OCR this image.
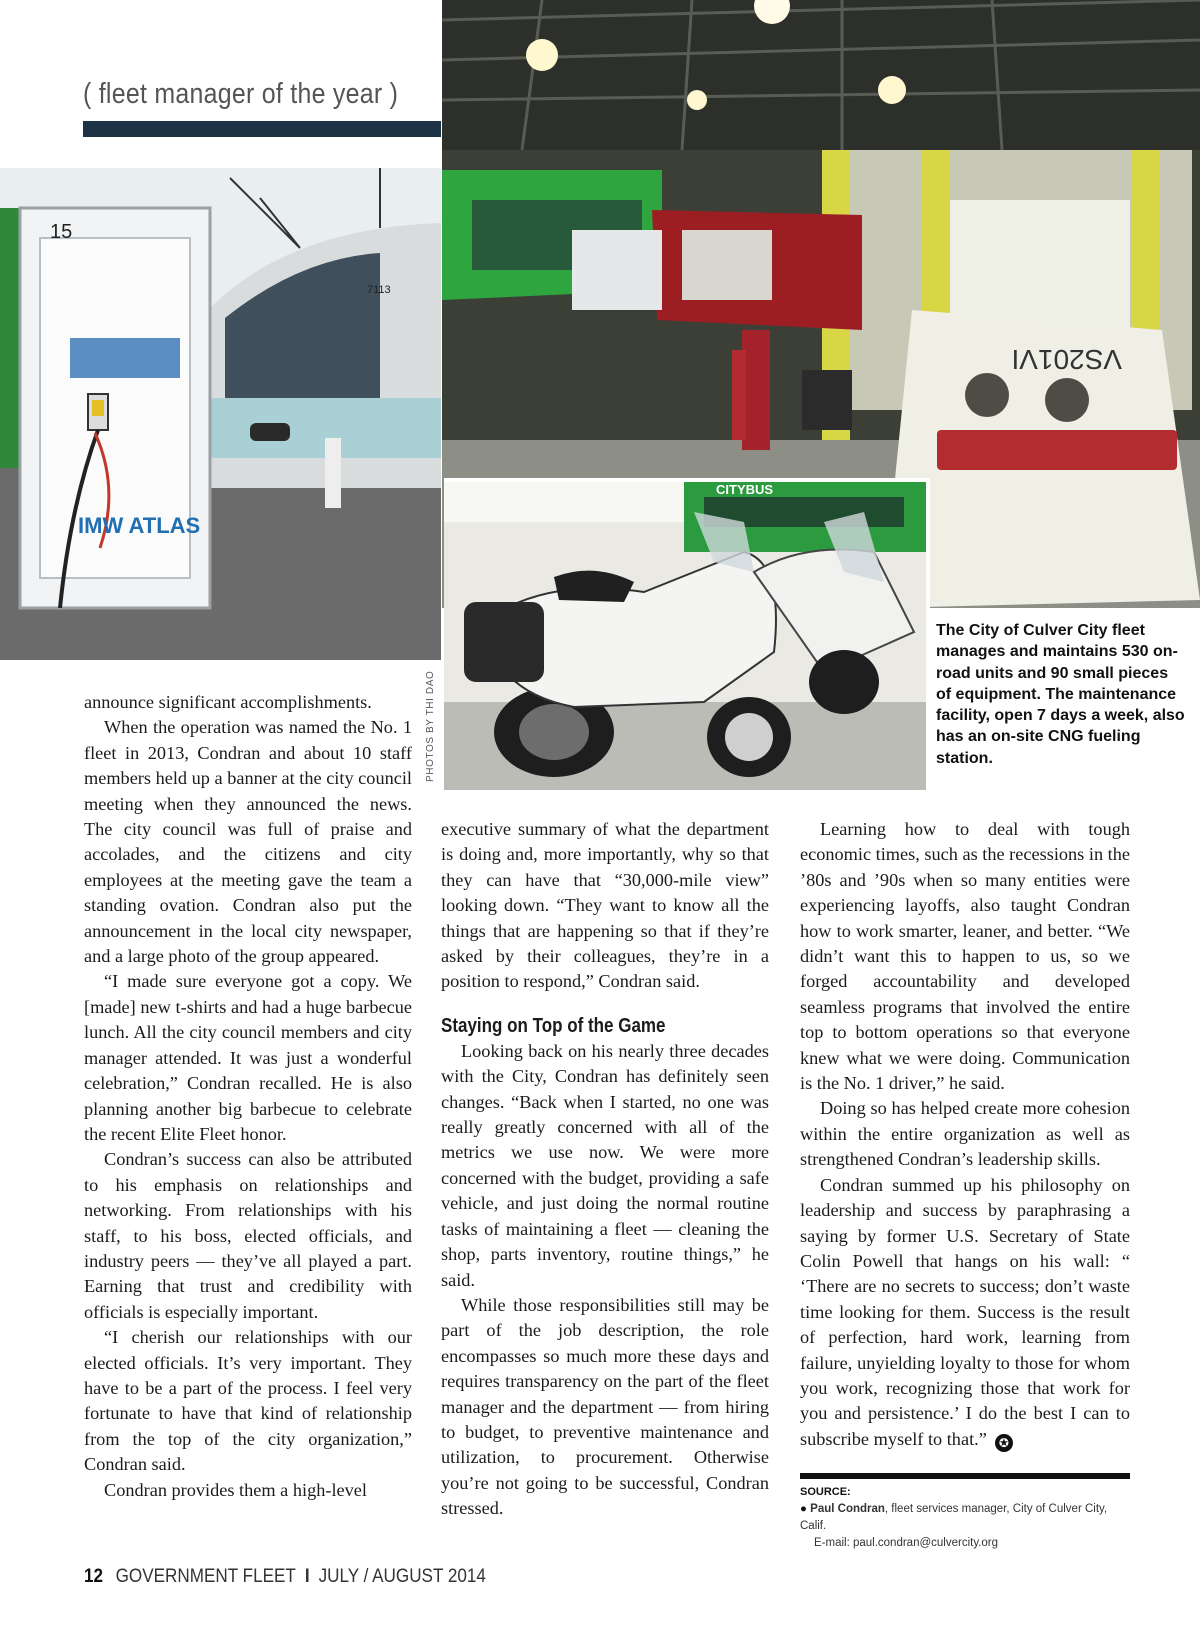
( fleet manager of the year )
15
7113
IMW ATLAS
VS201VI
CITYBUS
PHOTOS BY THI DAO
The City of Culver City fleet manages and maintains 530 on-road units and 90 small pieces of equipment. The maintenance facility, open 7 days a week, also has an on-site CNG fueling station.

announce significant accomplishments.

When the operation was named the No. 1 fleet in 2013, Condran and about 10 staff members held up a banner at the city council meeting when they announced the news. The city council was full of praise and accolades, and the citizens and city employees at the meeting gave the team a standing ovation. Condran also put the announcement in the local city newspaper, and a large photo of the group appeared.

“I made sure everyone got a copy. We [made] new t-shirts and had a huge barbecue lunch. All the city council members and city manager attended. It was just a wonderful celebration,” Condran recalled. He is also planning another big barbecue to celebrate the recent Elite Fleet honor.

Condran’s success can also be attributed to his emphasis on relationships and networking. From relationships with his staff, to his boss, elected officials, and industry peers — they’ve all played a part. Earning that trust and credibility with officials is especially important.

“I cherish our relationships with our elected officials. It’s very important. They have to be a part of the process. I feel very fortunate to have that kind of relationship from the top of the city organization,” Condran said.

Condran provides them a high-level

executive summary of what the department is doing and, more importantly, why so that they can have that “30,000-mile view” looking down. “They want to know all the things that are happening so that if they’re asked by their colleagues, they’re in a position to respond,” Condran said.

Staying on Top of the Game

Looking back on his nearly three decades with the City, Condran has definitely seen changes. “Back when I started, no one was really greatly concerned with all of the metrics we use now. We were more concerned with the budget, providing a safe vehicle, and just doing the normal routine tasks of maintaining a fleet — cleaning the shop, parts inventory, routine things,” he said.

While those responsibilities still may be part of the job description, the role encompasses so much more these days and requires transparency on the part of the fleet manager and the department — from hiring to budget, to preventive maintenance and utilization, to procurement. Otherwise you’re not going to be successful, Condran stressed.

Learning how to deal with tough economic times, such as the recessions in the ’80s and ’90s when so many entities were experiencing layoffs, also taught Condran how to work smarter, leaner, and better. “We didn’t want this to happen to us, so we forged accountability and developed seamless programs that involved the entire top to bottom operations so that everyone knew what we were doing. Communication is the No. 1 driver,” he said.

Doing so has helped create more cohesion within the entire organization as well as strengthened Condran’s leadership skills.

Condran summed up his philosophy on leadership and success by paraphrasing a saying by former U.S. Secretary of State Colin Powell that hangs on his wall: “ ‘There are no secrets to success; don’t waste time looking for them. Success is the result of perfection, hard work, learning from failure, unyielding loyalty to those for whom you work, recognizing those that work for you and persistence.’ I do the best I can to subscribe myself to that.” ✪

SOURCE:
● Paul Condran, fleet services manager, City of Culver City, Calif.
E-mail: paul.condran@culvercity.org
12 GOVERNMENT FLEET I JULY / AUGUST 2014
